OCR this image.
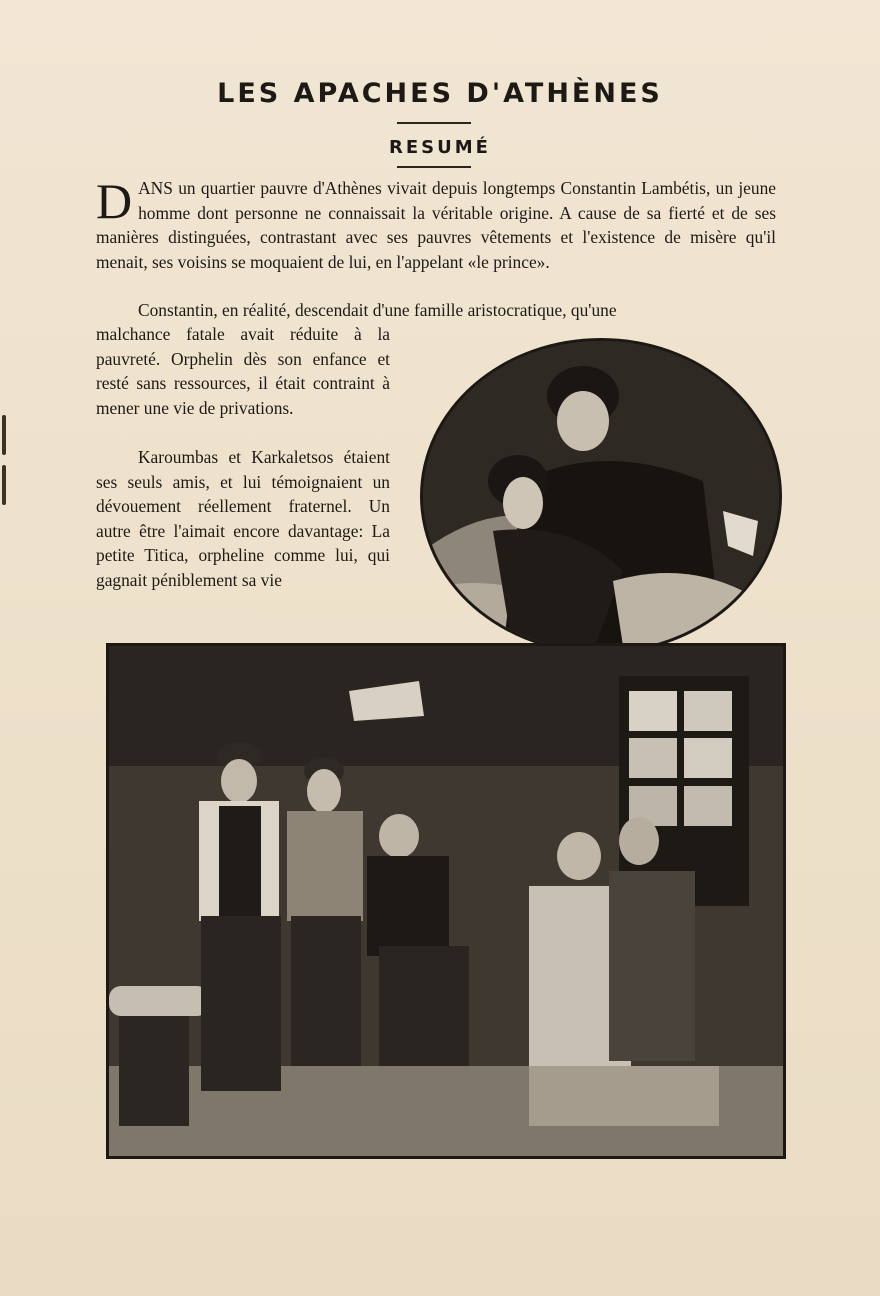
LES APACHES D'ATHÈNES
RESUMÉ
DANS un quartier pauvre d'Athènes vivait depuis longtemps Constantin Lambétis, un jeune homme dont personne ne connaissait la véritable origine. A cause de sa fierté et de ses manières distinguées, contrastant avec ses pauvres vêtements et l'existence de misère qu'il menait, ses voisins se moquaient de lui, en l'appelant «le prince».
Constantin, en réalité, descendait d'une famille aristocratique, qu'une
malchance fatale avait réduite à la pauvreté. Orphelin dès son enfance et resté sans ressources, il était contraint à mener une vie de privations.
Karoumbas et Karkaletsos étaient ses seuls amis, et lui témoignaient un dévouement réellement fraternel. Un autre être l'aimait encore davantage: La petite Titica, orpheline comme lui, qui gagnait péniblement sa vie
